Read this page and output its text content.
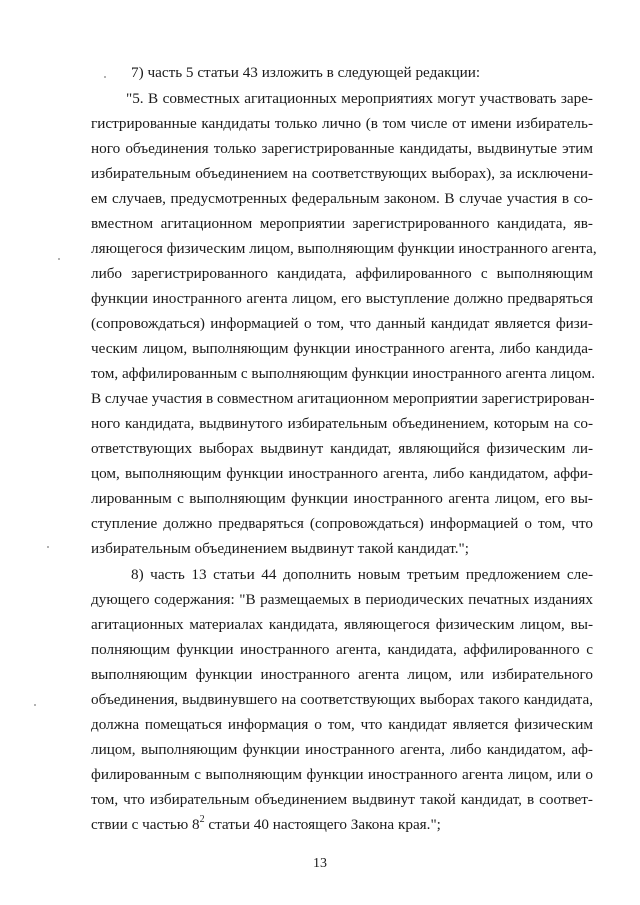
7) часть 5 статьи 43 изложить в следующей редакции:
"5. В совместных агитационных мероприятиях могут участвовать заре-
гистрированные кандидаты только лично (в том числе от имени избиратель-
ного объединения только зарегистрированные кандидаты, выдвинутые этим
избирательным объединением на соответствующих выборах), за исключени-
ем случаев, предусмотренных федеральным законом. В случае участия в со-
вместном агитационном мероприятии зарегистрированного кандидата, яв-
ляющегося физическим лицом, выполняющим функции иностранного агента,
либо зарегистрированного кандидата, аффилированного с выполняющим
функции иностранного агента лицом, его выступление должно предваряться
(сопровождаться) информацией о том, что данный кандидат является физи-
ческим лицом, выполняющим функции иностранного агента, либо кандида-
том, аффилированным с выполняющим функции иностранного агента лицом.
В случае участия в совместном агитационном мероприятии зарегистрирован-
ного кандидата, выдвинутого избирательным объединением, которым на со-
ответствующих выборах выдвинут кандидат, являющийся физическим ли-
цом, выполняющим функции иностранного агента, либо кандидатом, аффи-
лированным с выполняющим функции иностранного агента лицом, его вы-
ступление должно предваряться (сопровождаться) информацией о том, что
избирательным объединением выдвинут такой кандидат.";
8) часть 13 статьи 44 дополнить новым третьим предложением сле-
дующего содержания: "В размещаемых в периодических печатных изданиях
агитационных материалах кандидата, являющегося физическим лицом, вы-
полняющим функции иностранного агента, кандидата, аффилированного с
выполняющим функции иностранного агента лицом, или избирательного
объединения, выдвинувшего на соответствующих выборах такого кандидата,
должна помещаться информация о том, что кандидат является физическим
лицом, выполняющим функции иностранного агента, либо кандидатом, аф-
филированным с выполняющим функции иностранного агента лицом, или о
том, что избирательным объединением выдвинут такой кандидат, в соответ-
ствии с частью $8^2$ статьи 40 настоящего Закона края.";
13
